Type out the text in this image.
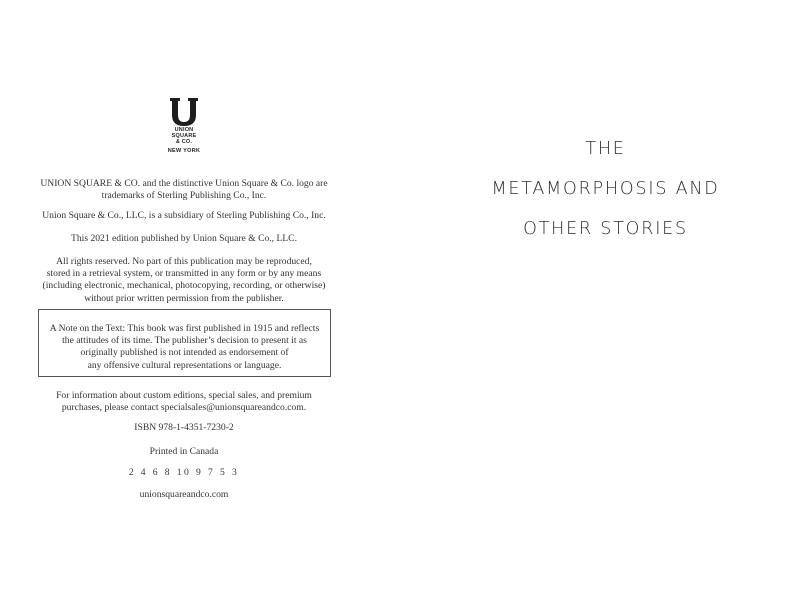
UNION
SQUARE
& CO.
NEW YORK
UNION SQUARE & CO. and the distinctive Union Square & Co. logo are
trademarks of Sterling Publishing Co., Inc.
Union Square & Co., LLC, is a subsidiary of Sterling Publishing Co., Inc.
This 2021 edition published by Union Square & Co., LLC.
All rights reserved. No part of this publication may be reproduced,
stored in a retrieval system, or transmitted in any form or by any means
(including electronic, mechanical, photocopying, recording, or otherwise)
without prior written permission from the publisher.

A Note on the Text: This book was first published in 1915 and reflects

the attitudes of its time. The publisher’s decision to present it as

originally published is not intended as endorsement of

any offensive cultural representations or language.

For information about custom editions, special sales, and premium
purchases, please contact specialsales@unionsquareandco.com.
ISBN 978-1-4351-7230-2
Printed in Canada
2 4 6 8 10 9 7 5 3
unionsquareandco.com
THE
METAMORPHOSIS AND
OTHER STORIES
